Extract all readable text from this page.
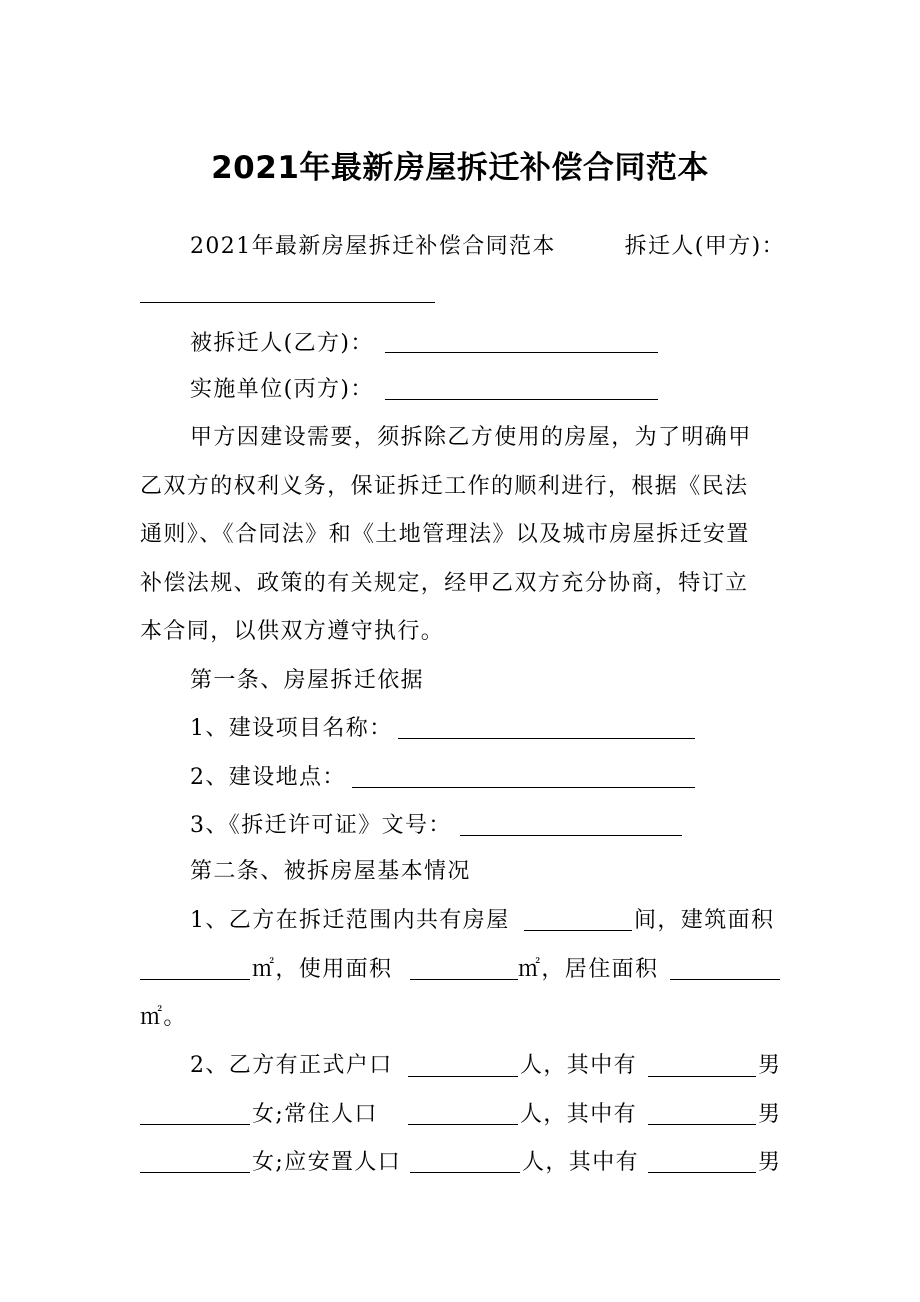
2021年最新房屋拆迁补偿合同范本
2021年最新房屋拆迁补偿合同范本	拆迁人(甲方)：
被拆迁人(乙方)：
实施单位(丙方)：
甲方因建设需要，须拆除乙方使用的房屋，为了明确甲
乙双方的权利义务，保证拆迁工作的顺利进行，根据《民法
通则》、《合同法》和《土地管理法》以及城市房屋拆迁安置
补偿法规、政策的有关规定，经甲乙双方充分协商，特订立
本合同，以供双方遵守执行。
第一条、房屋拆迁依据
1、建设项目名称：
2、建设地点：
3、《拆迁许可证》文号：
第二条、被拆房屋基本情况
1、乙方在拆迁范围内共有房屋	间，建筑面积
㎡，使用面积	㎡，居住面积
㎡。
2、乙方有正式户口	人，其中有	男
女;常住人口	人，其中有	男
女;应安置人口	人，其中有	男
